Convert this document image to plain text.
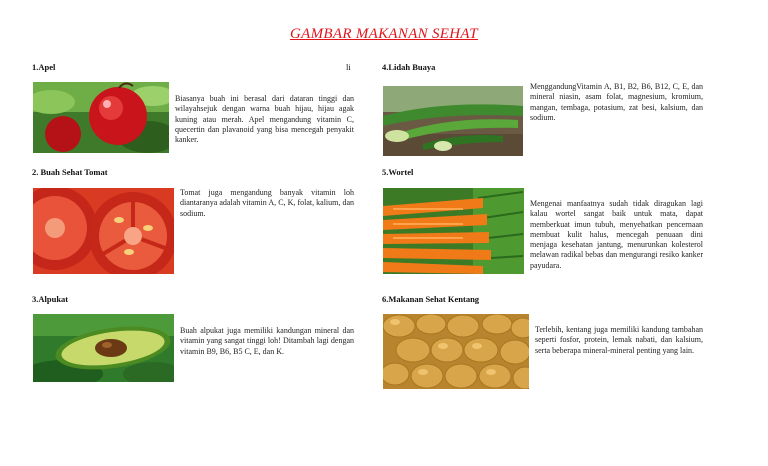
GAMBAR MAKANAN SEHAT
1.Apel	li
Biasanya buah ini berasal dari dataran tinggi dan wilayahsejuk dengan warna buah hijau, hijau agak kuning atau merah. Apel mengandung vitamin C, quecertin dan plavanoid yang bisa mencegah penyakit kanker.
2. Buah Sehat Tomat
Tomat juga mengandung banyak vitamin loh diantaranya adalah vitamin A, C, K, folat, kalium, dan sodium.
3.Alpukat
Buah alpukat juga memiliki kandungan mineral dan vitamin yang sangat tinggi loh! Ditambah lagi dengan vitamin B9, B6, B5 C, E, dan K.
4.Lidah Buaya
MenggandungVitamin A, B1, B2, B6, B12, C, E, dan mineral niasin, asam folat, magnesium, kromium, mangan, tembaga, potasium, zat besi, kalsium, dan sodium.
5.Wortel
Mengenai manfaatnya sudah tidak diragukan lagi kalau wortel sangat baik untuk mata, dapat memberkuat imun tubuh, menyehatkan pencernaan membuat kulit halus, mencegah penuaan dini menjaga kesehatan jantung, menurunkan kolesterol melawan radikal bebas dan mengurangi resiko kanker payudara.
6.Makanan Sehat Kentang
Terlebih, kentang juga memiliki kandung tambahan seperti fosfor, protein, lemak nabati, dan kalsium, serta beberapa mineral-mineral penting yang lain.
